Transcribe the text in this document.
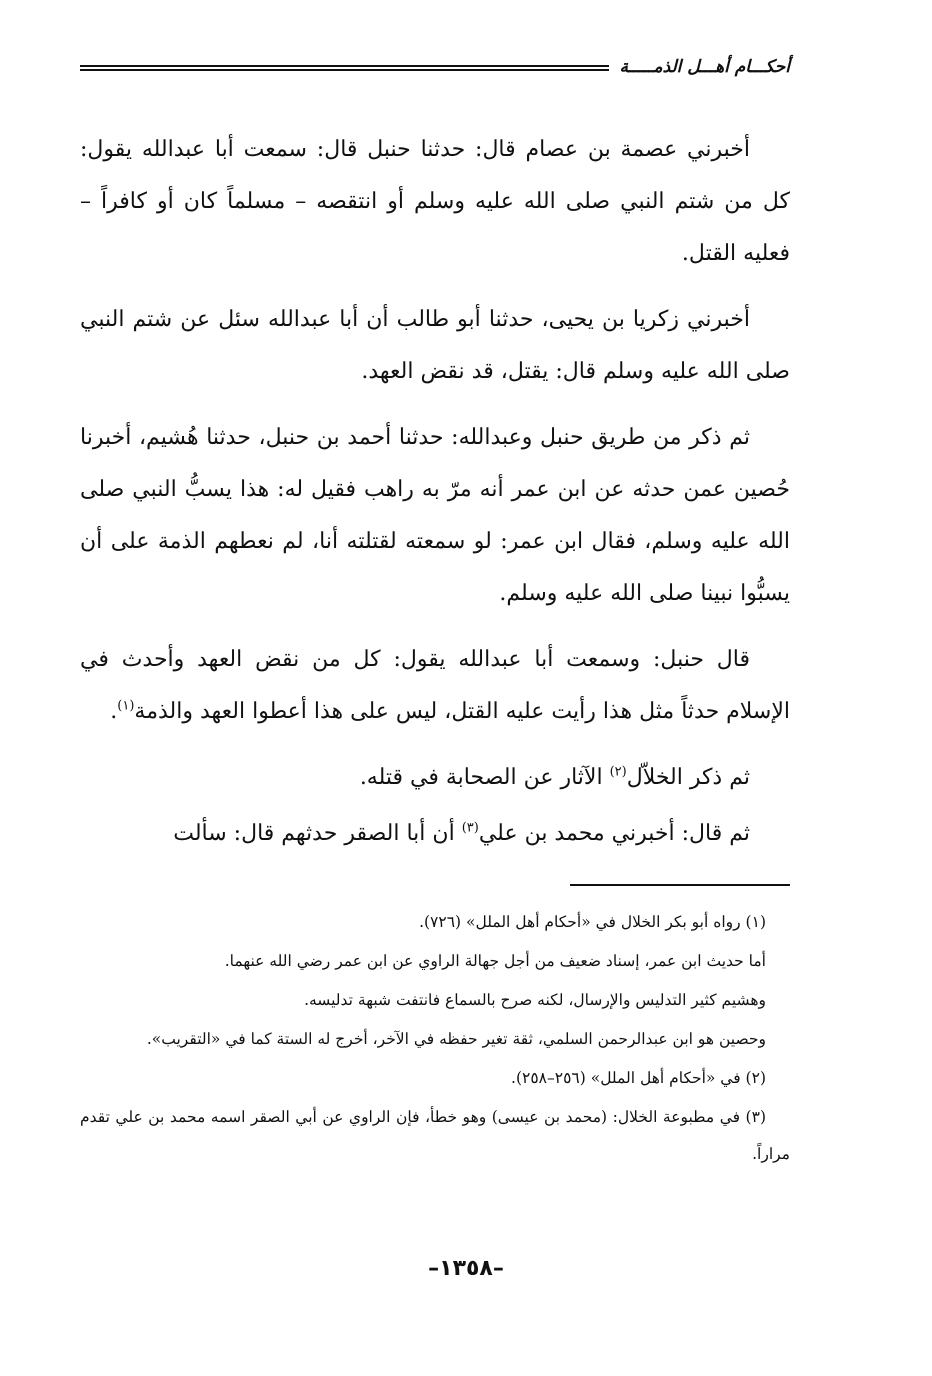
أحكـــام أهـــل الذمـــــة

أخبرني عصمة بن عصام قال: حدثنا حنبل قال: سمعت أبا عبدالله يقول: كل من شتم النبي صلى الله عليه وسلم أو انتقصه – مسلماً كان أو كافراً – فعليه القتل.

أخبرني زكريا بن يحيى، حدثنا أبو طالب أن أبا عبدالله سئل عن شتم النبي صلى الله عليه وسلم قال: يقتل، قد نقض العهد.

ثم ذكر من طريق حنبل وعبدالله: حدثنا أحمد بن حنبل، حدثنا هُشيم، أخبرنا حُصين عمن حدثه عن ابن عمر أنه مرّ به راهب فقيل له: هذا يسبُّ النبي صلى الله عليه وسلم، فقال ابن عمر: لو سمعته لقتلته أنا، لم نعطهم الذمة على أن يسبُّوا نبينا صلى الله عليه وسلم.

قال حنبل: وسمعت أبا عبدالله يقول: كل من نقض العهد وأحدث في الإسلام حدثاً مثل هذا رأيت عليه القتل، ليس على هذا أعطوا العهد والذمة$^{(١)}$.

ثم ذكر الخلاّل$^{(٢)}$ الآثار عن الصحابة في قتله.

ثم قال: أخبرني محمد بن علي$^{(٣)}$ أن أبا الصقر حدثهم قال: سألت

(١) رواه أبو بكر الخلال في «أحكام أهل الملل» (٧٢٦).

أما حديث ابن عمر، إسناد ضعيف من أجل جهالة الراوي عن ابن عمر رضي الله عنهما.

وهشيم كثير التدليس والإرسال، لكنه صرح بالسماع فانتفت شبهة تدليسه.

وحصين هو ابن عبدالرحمن السلمي، ثقة تغير حفظه في الآخر، أخرج له الستة كما في «التقريب».

(٢) في «أحكام أهل الملل» (٢٥٦–٢٥٨).

(٣) في مطبوعة الخلال: (محمد بن عيسى) وهو خطأ، فإن الراوي عن أبي الصقر اسمه محمد بن علي تقدم مراراً.

–١٣٥٨–
